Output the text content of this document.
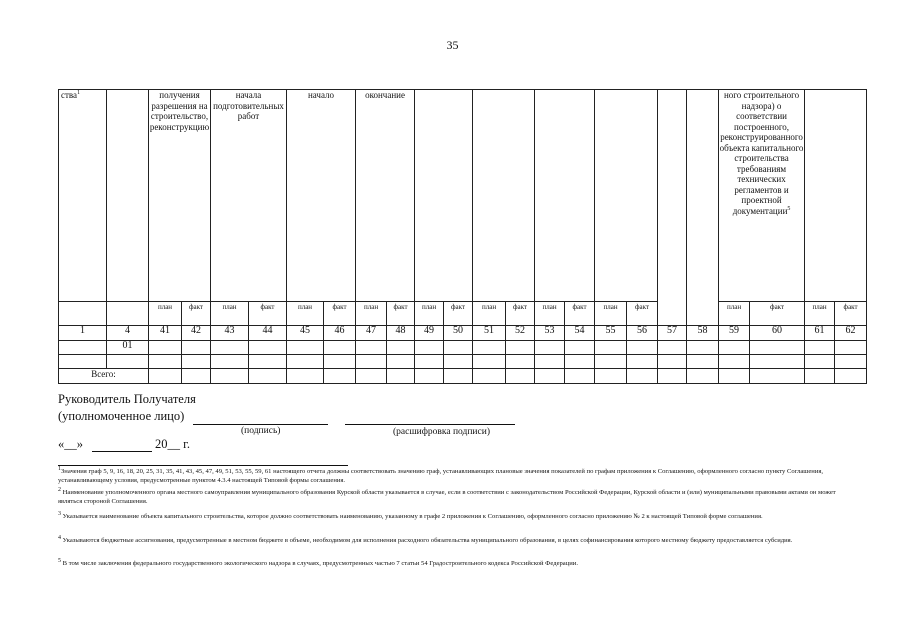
35
ства$^1$		получения разрешения на строительство, реконструкцию		начала подготовительных работ		начало		окончание												ного строительного надзора) о соответствии построенного, реконструированного объекта капитального строительства требованиям технических регламентов и проектной документации$^5$	
		план	факт	план	факт	план	факт	план	факт	план	факт	план	факт	план	факт	план	факт			план	факт	план	факт
1	4	41	42	43	44	45	46	47	48	49	50	51	52	53	54	55	56	57	58	59	60	61	62
	01																						

Всего:																							
Руководитель Получателя
(уполномоченное лицо)
(подпись)	(расшифровка подписи)
«__»	20__ г.
$^1$Значения граф 5, 9, 16, 18, 20, 25, 31, 35, 41, 43, 45, 47, 49, 51, 53, 55, 59, 61 настоящего отчета должны соответствовать значению граф, устанавливающих плановые значения показателей по графам приложения к Соглашению, оформленного согласно пункту Соглашения, устанавливающему условия, предусмотренные пунктом 4.3.4 настоящей Типовой формы соглашения.
$^2$ Наименование уполномоченного органа местного самоуправления муниципального образования Курской области указывается в случае, если в соответствии с законодательством Российской Федерации, Курской области и (или) муниципальными правовыми актами он может являться стороной Соглашения.
$^3$ Указывается наименование объекта капитального строительства, которое должно соответствовать наименованию, указанному в графе 2 приложения к Соглашению, оформленного согласно приложению № 2 к настоящей Типовой форме соглашения.
$^4$ Указываются бюджетные ассигнования, предусмотренные в местном бюджете в объеме, необходимом для исполнения расходного обязательства муниципального образования, в целях софинансирования которого местному бюджету предоставляется субсидия.
$^5$ В том числе заключения федерального государственного экологического надзора в случаях, предусмотренных частью 7 статьи 54 Градостроительного кодекса Российской Федерации.
